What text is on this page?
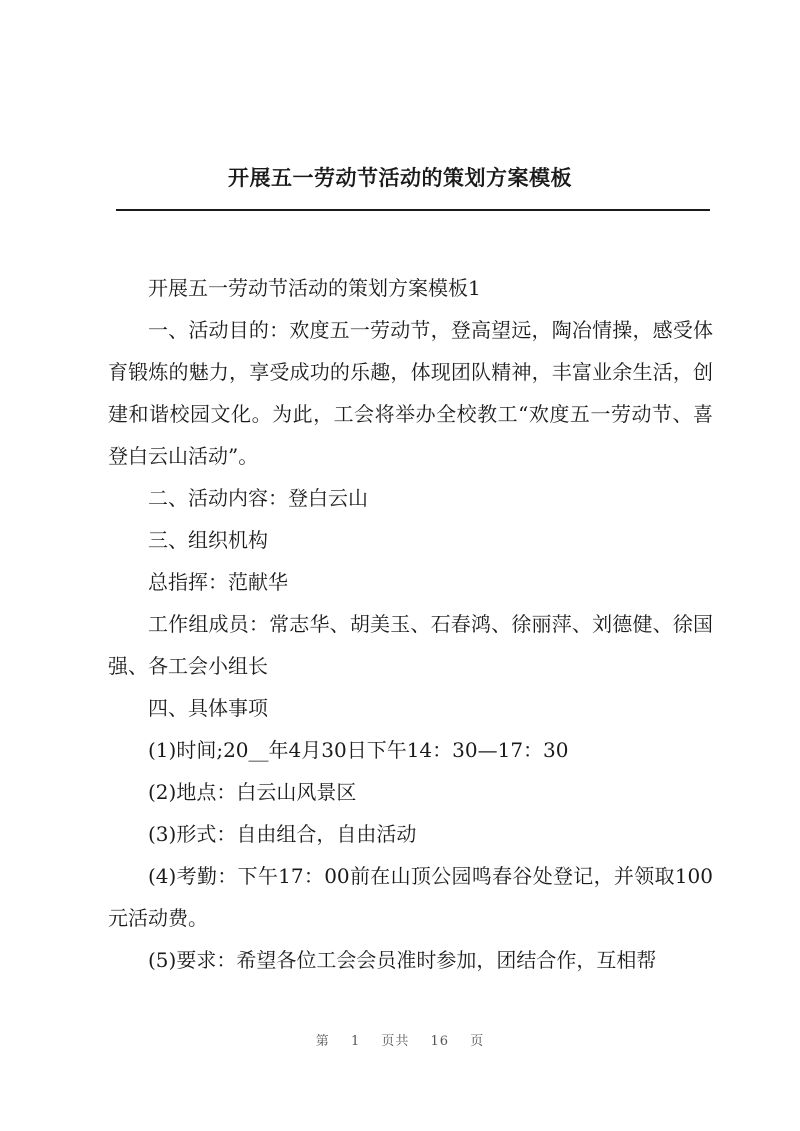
开展五一劳动节活动的策划方案模板

开展五一劳动节活动的策划方案模板1

一、活动目的：欢度五一劳动节，登高望远，陶冶情操，感受体育锻炼的魅力，享受成功的乐趣，体现团队精神，丰富业余生活，创建和谐校园文化。为此，工会将举办全校教工“欢度五一劳动节、喜登白云山活动”。

二、活动内容：登白云山

三、组织机构

总指挥：范献华

工作组成员：常志华、胡美玉、石春鸿、徐丽萍、刘德健、徐国强、各工会小组长

四、具体事项

(1)时间;20__年4月30日下午14：30—17：30

(2)地点：白云山风景区

(3)形式：自由组合，自由活动

(4)考勤：下午17：00前在山顶公园鸣春谷处登记，并领取100元活动费。

(5)要求：希望各位工会会员准时参加，团结合作，互相帮

第 1 页共 16 页
